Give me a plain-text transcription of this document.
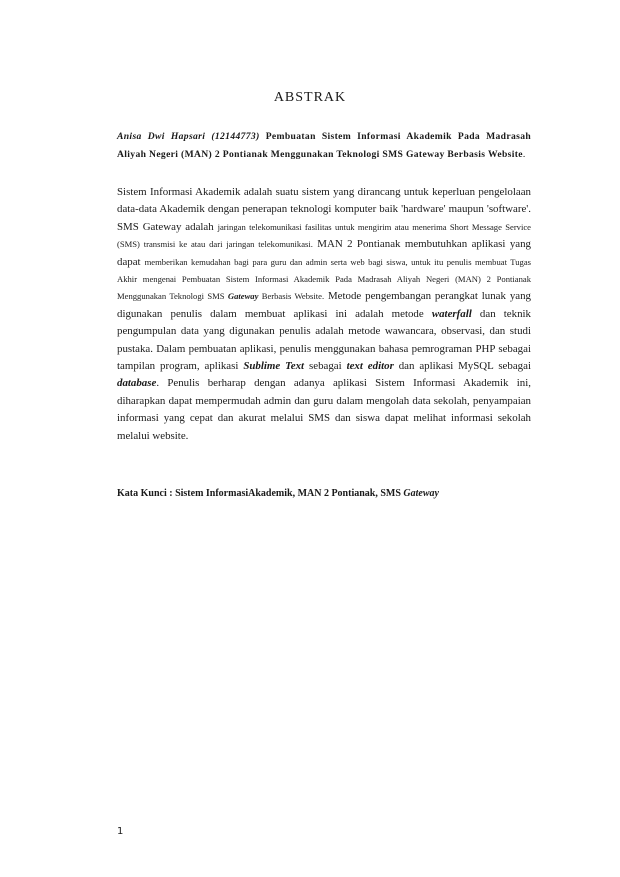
ABSTRAK
Anisa Dwi Hapsari (12144773) Pembuatan Sistem Informasi Akademik Pada Madrasah Aliyah Negeri (MAN) 2 Pontianak Menggunakan Teknologi SMS Gateway Berbasis Website.
Sistem Informasi Akademik adalah suatu sistem yang dirancang untuk keperluan pengelolaan data-data Akademik dengan penerapan teknologi komputer baik 'hardware' maupun 'software'. SMS Gateway adalah jaringan telekomunikasi fasilitas untuk mengirim atau menerima Short Message Service (SMS) transmisi ke atau dari jaringan telekomunikasi. MAN 2 Pontianak membutuhkan aplikasi yang dapat memberikan kemudahan bagi para guru dan admin serta web bagi siswa, untuk itu penulis membuat Tugas Akhir mengenai Pembuatan Sistem Informasi Akademik Pada Madrasah Aliyah Negeri (MAN) 2 Pontianak Menggunakan Teknologi SMS Gateway Berbasis Website. Metode pengembangan perangkat lunak yang digunakan penulis dalam membuat aplikasi ini adalah metode waterfall dan teknik pengumpulan data yang digunakan penulis adalah metode wawancara, observasi, dan studi pustaka. Dalam pembuatan aplikasi, penulis menggunakan bahasa pemrograman PHP sebagai tampilan program, aplikasi Sublime Text sebagai text editor dan aplikasi MySQL sebagai database. Penulis berharap dengan adanya aplikasi Sistem Informasi Akademik ini, diharapkan dapat mempermudah admin dan guru dalam mengolah data sekolah, penyampaian informasi yang cepat dan akurat melalui SMS dan siswa dapat melihat informasi sekolah melalui website.
Kata Kunci : Sistem InformasiAkademik, MAN 2 Pontianak, SMS Gateway
1
